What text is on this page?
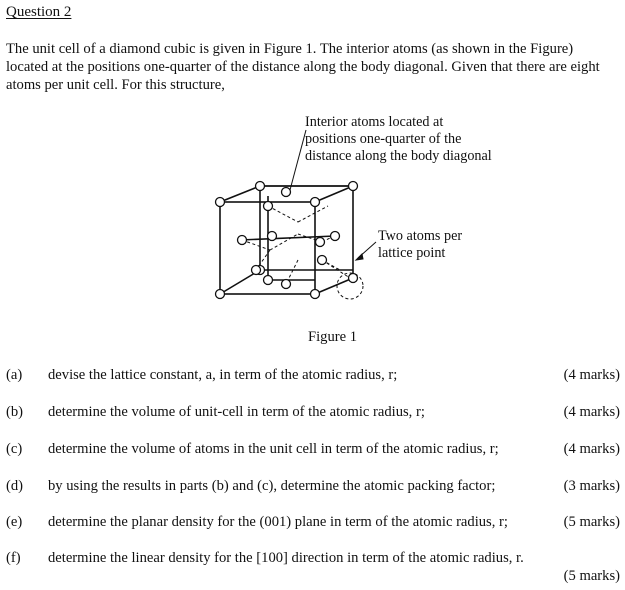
Question 2
The unit cell of a diamond cubic is given in Figure 1. The interior atoms (as shown in the Figure) located at the positions one-quarter of the distance along the body diagonal. Given that there are eight atoms per unit cell. For this structure,
Interior atoms located at
positions one-quarter of the
distance along the body diagonal
Two atoms per
lattice point
Figure 1
(a) devise the lattice constant, a, in term of the atomic radius, r;	(4 marks)
(b) determine the volume of unit-cell in term of the atomic radius, r;	(4 marks)
(c) determine the volume of atoms in the unit cell in term of the atomic radius, r;	(4 marks)
(d) by using the results in parts (b) and (c), determine the atomic packing factor;	(3 marks)
(e) determine the planar density for the (001) plane in term of the atomic radius, r;	(5 marks)
(f) determine the linear density for the [100] direction in term of the atomic radius, r.
(5 marks)
